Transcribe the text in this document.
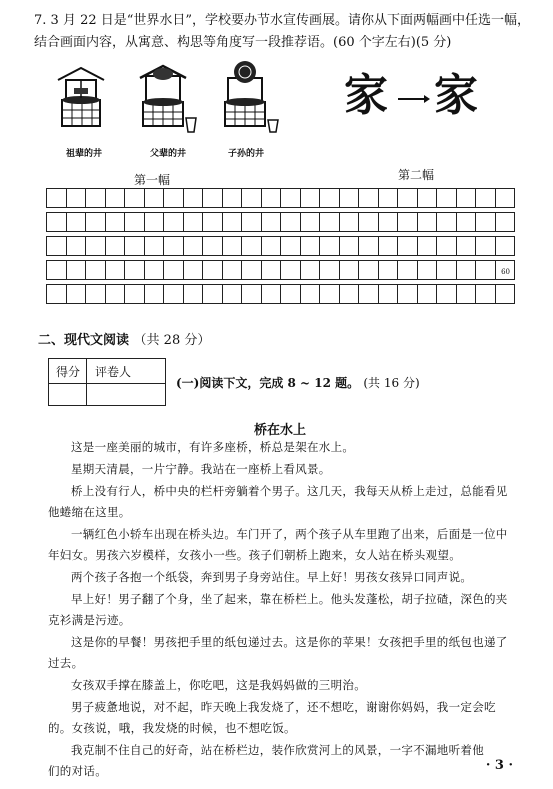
7. 3 月 22 日是“世界水日”，学校要办节水宣传画展。请你从下面两幅画中任选一幅，结合画面内容，从寓意、构思等角度写一段推荐语。(60 个字左右)(5 分)
祖辈的井	父辈的井	子孙的井
第一幅
家 家
第二幅
60
二、现代文阅读 （共 28 分）
得分 评卷人
(一)阅读下文，完成 8 ~ 12 题。 (共 16 分)
桥在水上
这是一座美丽的城市，有许多座桥，桥总是架在水上。
星期天清晨，一片宁静。我站在一座桥上看风景。
桥上没有行人，桥中央的栏杆旁躺着个男子。这几天，我每天从桥上走过，总能看见他蜷缩在这里。
一辆红色小轿车出现在桥头边。车门开了，两个孩子从车里跑了出来，后面是一位中年妇女。男孩六岁模样，女孩小一些。孩子们朝桥上跑来，女人站在桥头观望。
两个孩子各抱一个纸袋，奔到男子身旁站住。早上好！男孩女孩异口同声说。
早上好！男子翻了个身，坐了起来，靠在桥栏上。他头发蓬松，胡子拉碴，深色的夹克衫满是污迹。
这是你的早餐！男孩把手里的纸包递过去。这是你的苹果！女孩把手里的纸包也递了过去。
女孩双手撑在膝盖上，你吃吧，这是我妈妈做的三明治。
男子疲惫地说，对不起，昨天晚上我发烧了，还不想吃，谢谢你妈妈，我一定会吃的。女孩说，哦，我发烧的时候，也不想吃饭。
我克制不住自己的好奇，站在桥栏边，装作欣赏河上的风景，一字不漏地听着他们的对话。	· 3 ·
